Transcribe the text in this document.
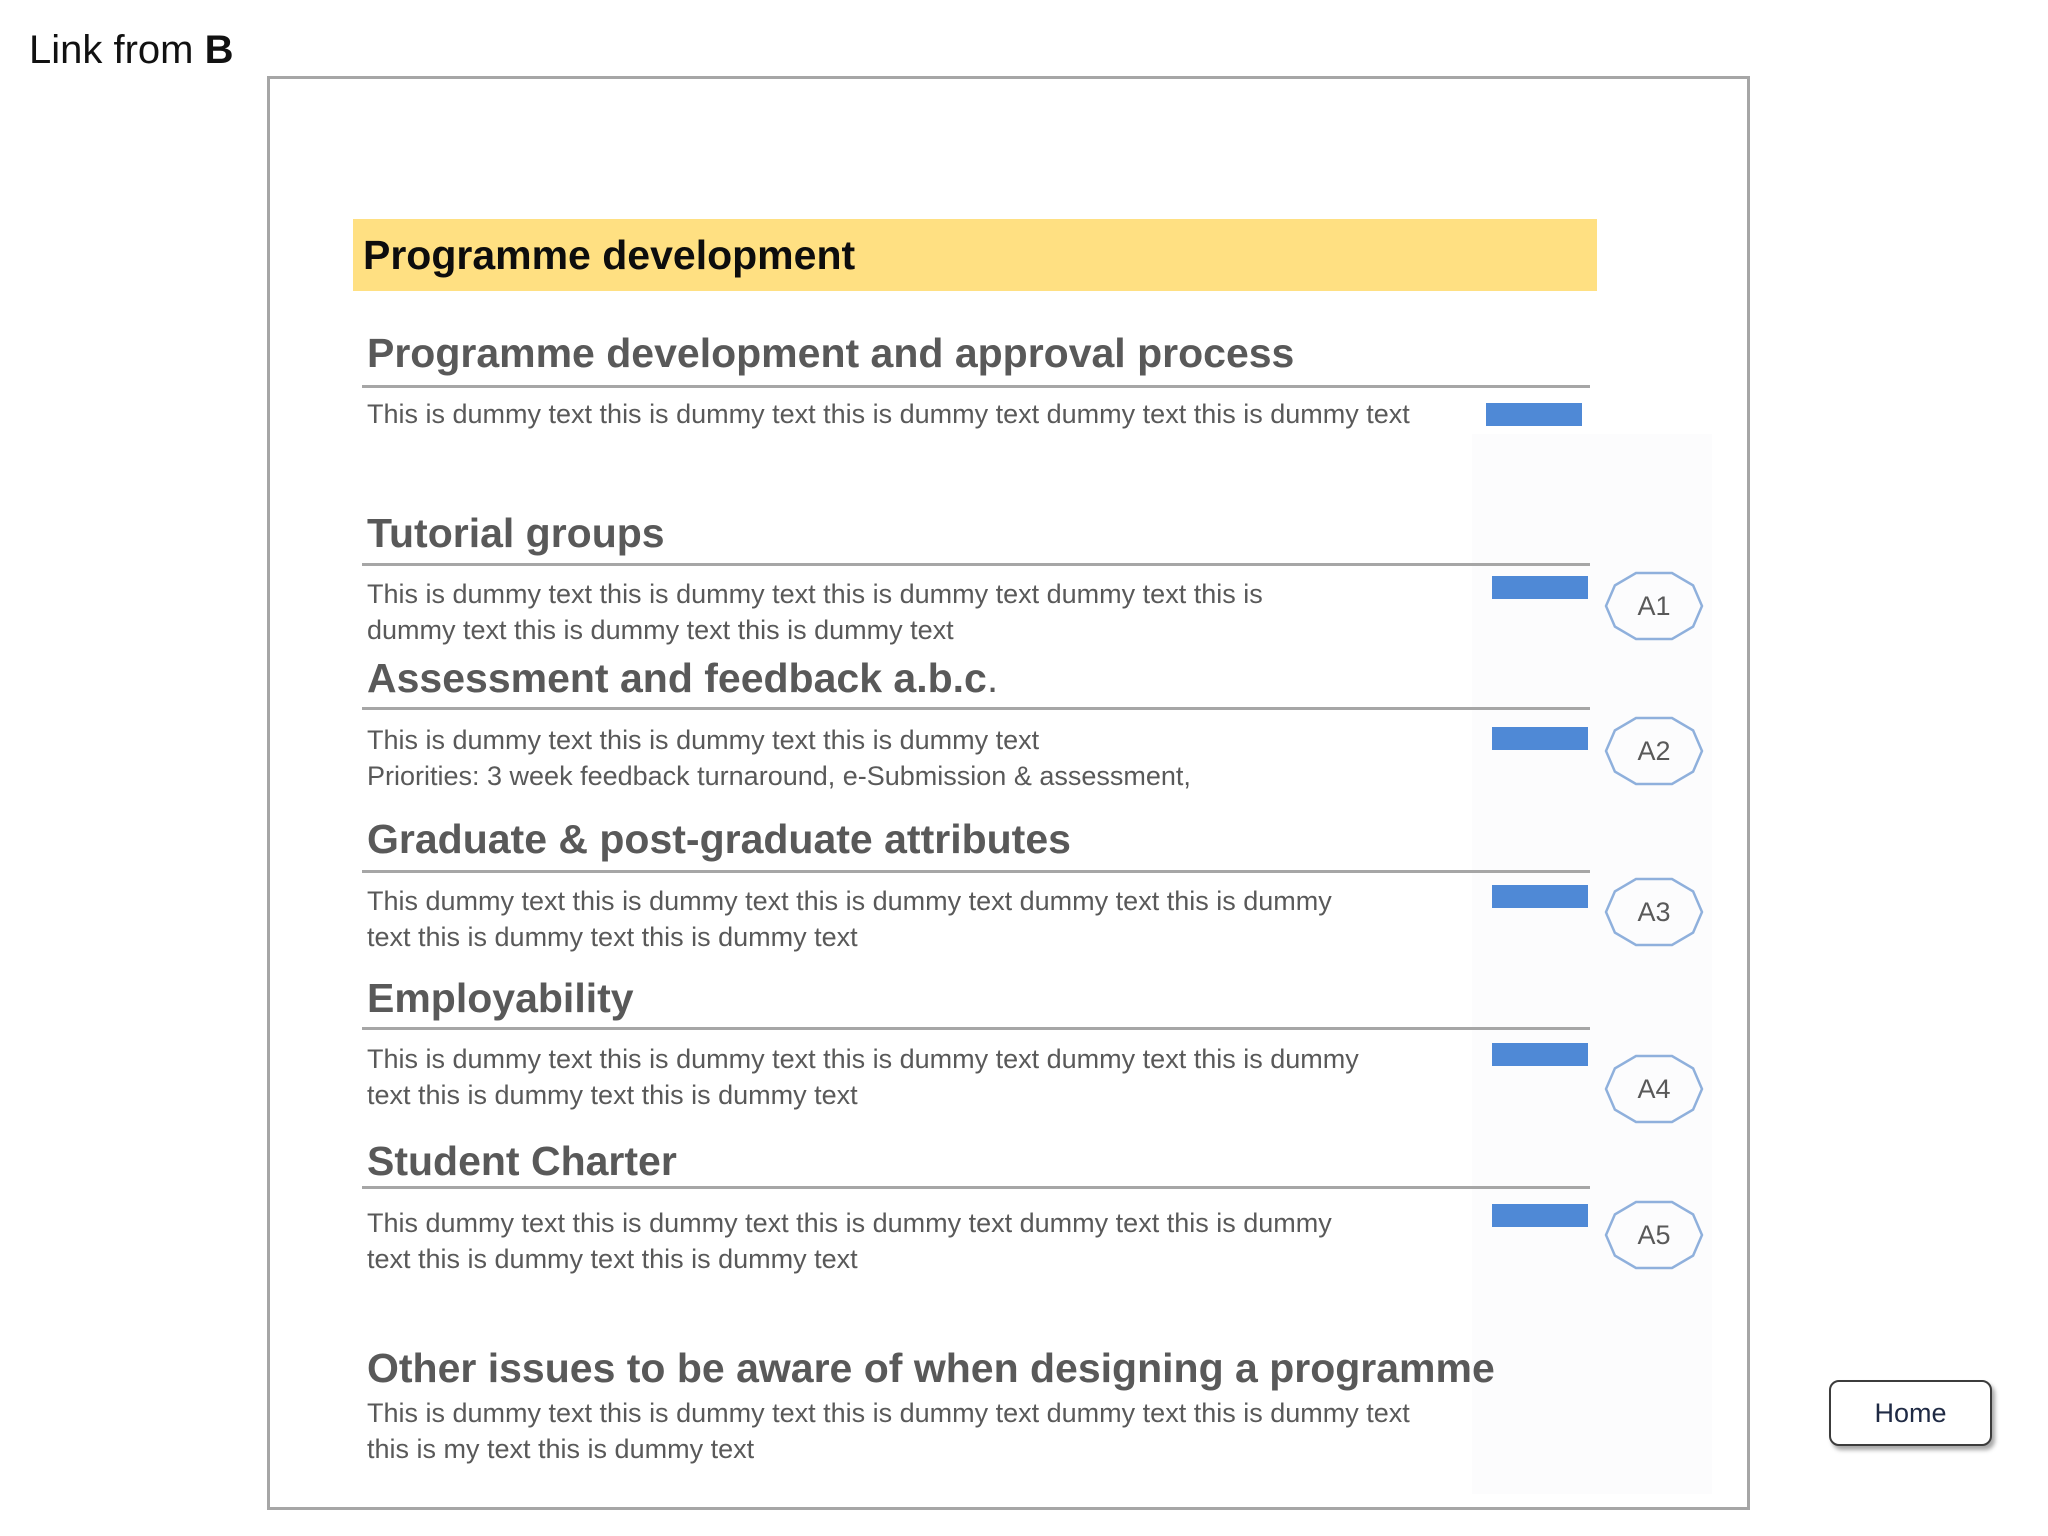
Link from B
Programme development
Programme development and approval process
This is dummy text this is dummy text this is dummy text dummy text this is dummy text
Tutorial groups
This is dummy text this is dummy text this is dummy text dummy text this is
dummy text this is dummy text this is dummy text
A1
Assessment and feedback a.b.c.
This is dummy text this is dummy text this is dummy text
Priorities: 3 week feedback turnaround, e-Submission & assessment,
A2
Graduate & post-graduate attributes
This dummy text this is dummy text this is dummy text dummy text this is dummy
text this is dummy text this is dummy text
A3
Employability
This is dummy text this is dummy text this is dummy text dummy text this is dummy
text this is dummy text this is dummy text	A4
Student Charter
This dummy text this is dummy text this is dummy text dummy text this is dummy
text this is dummy text this is dummy text
A5
Other issues to be aware of when designing a programme
This is dummy text this is dummy text this is dummy text dummy text this is dummy text
this is my text this is dummy text
Home
